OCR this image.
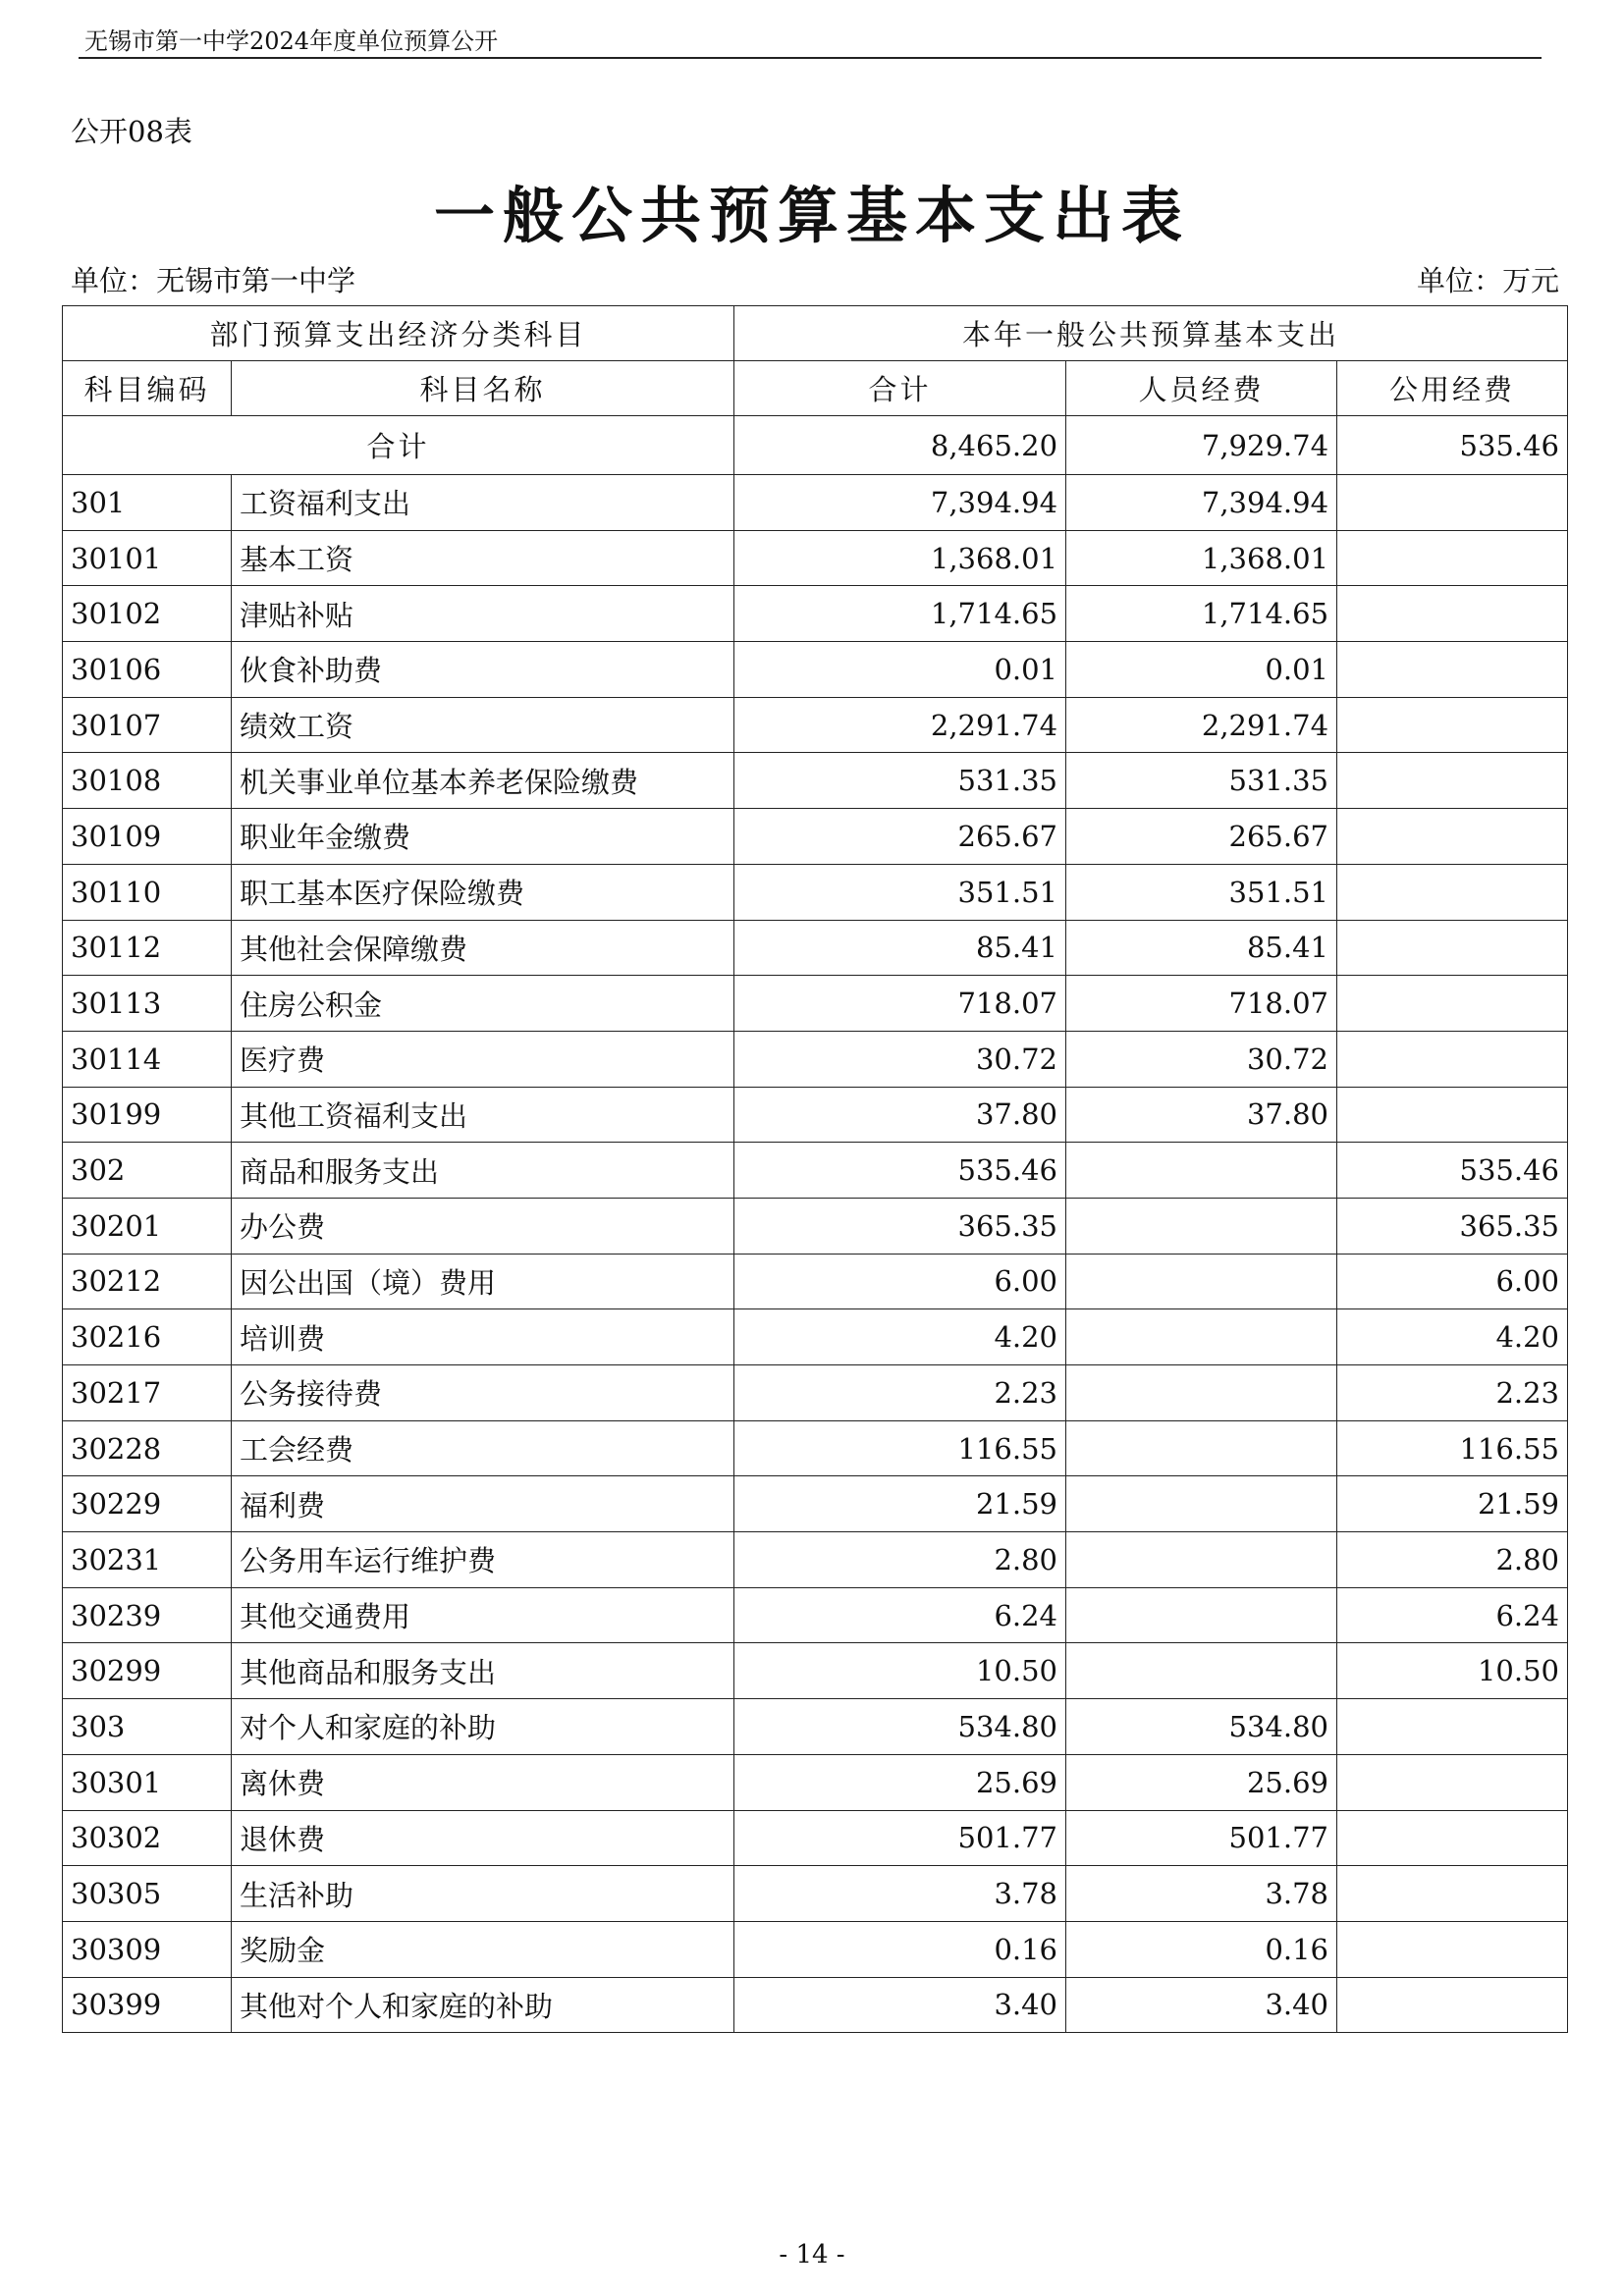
无锡市第一中学2024年度单位预算公开
公开08表
一般公共预算基本支出表
单位：无锡市第一中学	单位：万元
部门预算支出经济分类科目		本年一般公共预算基本支出		
科目编码	科目名称	合计	人员经费	公用经费
合计		8,465.20	7,929.74	535.46
301	工资福利支出	7,394.94	7,394.94	
30101	基本工资	1,368.01	1,368.01	
30102	津贴补贴	1,714.65	1,714.65	
30106	伙食补助费	0.01	0.01	
30107	绩效工资	2,291.74	2,291.74	
30108	机关事业单位基本养老保险缴费	531.35	531.35	
30109	职业年金缴费	265.67	265.67	
30110	职工基本医疗保险缴费	351.51	351.51	
30112	其他社会保障缴费	85.41	85.41	
30113	住房公积金	718.07	718.07	
30114	医疗费	30.72	30.72	
30199	其他工资福利支出	37.80	37.80	
302	商品和服务支出	535.46		535.46
30201	办公费	365.35		365.35
30212	因公出国（境）费用	6.00		6.00
30216	培训费	4.20		4.20
30217	公务接待费	2.23		2.23
30228	工会经费	116.55		116.55
30229	福利费	21.59		21.59
30231	公务用车运行维护费	2.80		2.80
30239	其他交通费用	6.24		6.24
30299	其他商品和服务支出	10.50		10.50
303	对个人和家庭的补助	534.80	534.80	
30301	离休费	25.69	25.69	
30302	退休费	501.77	501.77	
30305	生活补助	3.78	3.78	
30309	奖励金	0.16	0.16	
30399	其他对个人和家庭的补助	3.40	3.40	
- 14 -
